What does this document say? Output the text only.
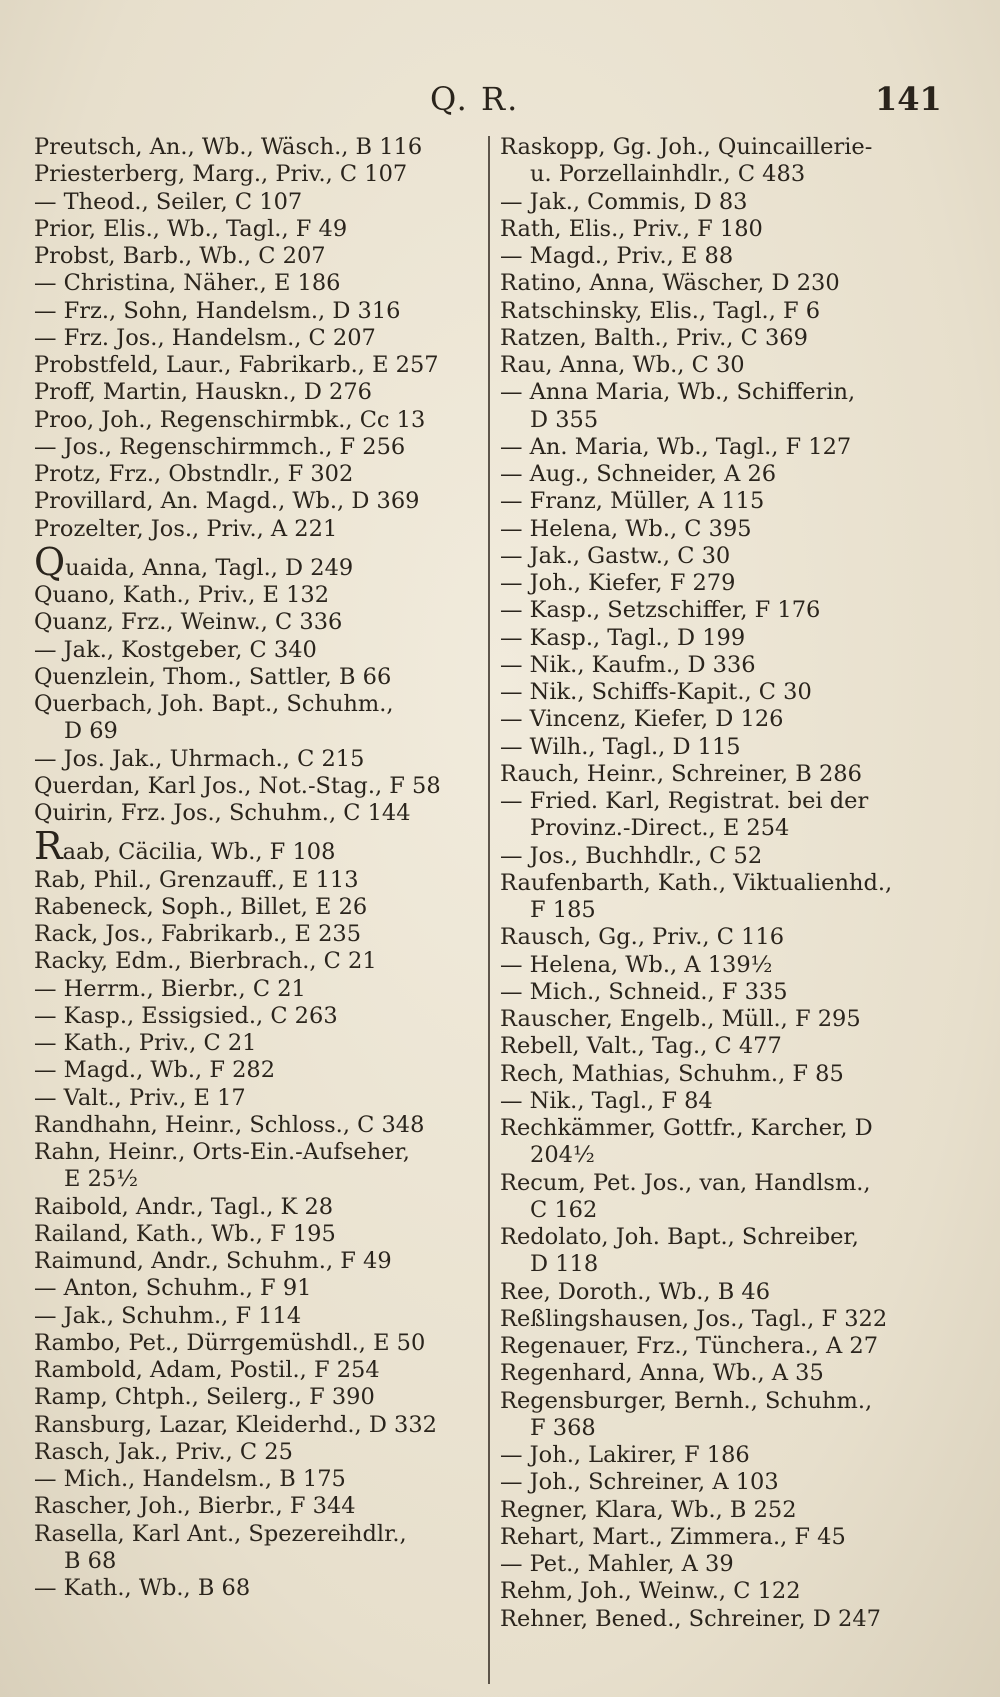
Q. R.	141

Preutsch, An., Wb., Wäsch., B 116

Priesterberg, Marg., Priv., C 107

— Theod., Seiler, C 107

Prior, Elis., Wb., Tagl., F 49

Probst, Barb., Wb., C 207

— Christina, Näher., E 186

— Frz., Sohn, Handelsm., D 316

— Frz. Jos., Handelsm., C 207

Probstfeld, Laur., Fabrikarb., E 257

Proff, Martin, Hauskn., D 276

Proo, Joh., Regenschirmbk., Cc 13

— Jos., Regenschirmmch., F 256

Protz, Frz., Obstndlr., F 302

Provillard, An. Magd., Wb., D 369

Prozelter, Jos., Priv., A 221

Quaida, Anna, Tagl., D 249

Quano, Kath., Priv., E 132

Quanz, Frz., Weinw., C 336

— Jak., Kostgeber, C 340

Quenzlein, Thom., Sattler, B 66

Querbach, Joh. Bapt., Schuhm.,

D 69

— Jos. Jak., Uhrmach., C 215

Querdan, Karl Jos., Not.-Stag., F 58

Quirin, Frz. Jos., Schuhm., C 144

Raab, Cäcilia, Wb., F 108

Rab, Phil., Grenzauff., E 113

Rabeneck, Soph., Billet, E 26

Rack, Jos., Fabrikarb., E 235

Racky, Edm., Bierbrach., C 21

— Herrm., Bierbr., C 21

— Kasp., Essigsied., C 263

— Kath., Priv., C 21

— Magd., Wb., F 282

— Valt., Priv., E 17

Randhahn, Heinr., Schloss., C 348

Rahn, Heinr., Orts-Ein.-Aufseher,

E 25½

Raibold, Andr., Tagl., K 28

Railand, Kath., Wb., F 195

Raimund, Andr., Schuhm., F 49

— Anton, Schuhm., F 91

— Jak., Schuhm., F 114

Rambo, Pet., Dürrgemüshdl., E 50

Rambold, Adam, Postil., F 254

Ramp, Chtph., Seilerg., F 390

Ransburg, Lazar, Kleiderhd., D 332

Rasch, Jak., Priv., C 25

— Mich., Handelsm., B 175

Rascher, Joh., Bierbr., F 344

Rasella, Karl Ant., Spezereihdlr.,

B 68

— Kath., Wb., B 68

Raskopp, Gg. Joh., Quincaillerie-

u. Porzellainhdlr., C 483

— Jak., Commis, D 83

Rath, Elis., Priv., F 180

— Magd., Priv., E 88

Ratino, Anna, Wäscher, D 230

Ratschinsky, Elis., Tagl., F 6

Ratzen, Balth., Priv., C 369

Rau, Anna, Wb., C 30

— Anna Maria, Wb., Schifferin,

D 355

— An. Maria, Wb., Tagl., F 127

— Aug., Schneider, A 26

— Franz, Müller, A 115

— Helena, Wb., C 395

— Jak., Gastw., C 30

— Joh., Kiefer, F 279

— Kasp., Setzschiffer, F 176

— Kasp., Tagl., D 199

— Nik., Kaufm., D 336

— Nik., Schiffs-Kapit., C 30

— Vincenz, Kiefer, D 126

— Wilh., Tagl., D 115

Rauch, Heinr., Schreiner, B 286

— Fried. Karl, Registrat. bei der

Provinz.-Direct., E 254

— Jos., Buchhdlr., C 52

Raufenbarth, Kath., Viktualienhd.,

F 185

Rausch, Gg., Priv., C 116

— Helena, Wb., A 139½

— Mich., Schneid., F 335

Rauscher, Engelb., Müll., F 295

Rebell, Valt., Tag., C 477

Rech, Mathias, Schuhm., F 85

— Nik., Tagl., F 84

Rechkämmer, Gottfr., Karcher, D

204½

Recum, Pet. Jos., van, Handlsm.,

C 162

Redolato, Joh. Bapt., Schreiber,

D 118

Ree, Doroth., Wb., B 46

Reßlingshausen, Jos., Tagl., F 322

Regenauer, Frz., Tünchera., A 27

Regenhard, Anna, Wb., A 35

Regensburger, Bernh., Schuhm.,

F 368

— Joh., Lakirer, F 186

— Joh., Schreiner, A 103

Regner, Klara, Wb., B 252

Rehart, Mart., Zimmera., F 45

— Pet., Mahler, A 39

Rehm, Joh., Weinw., C 122

Rehner, Bened., Schreiner, D 247
